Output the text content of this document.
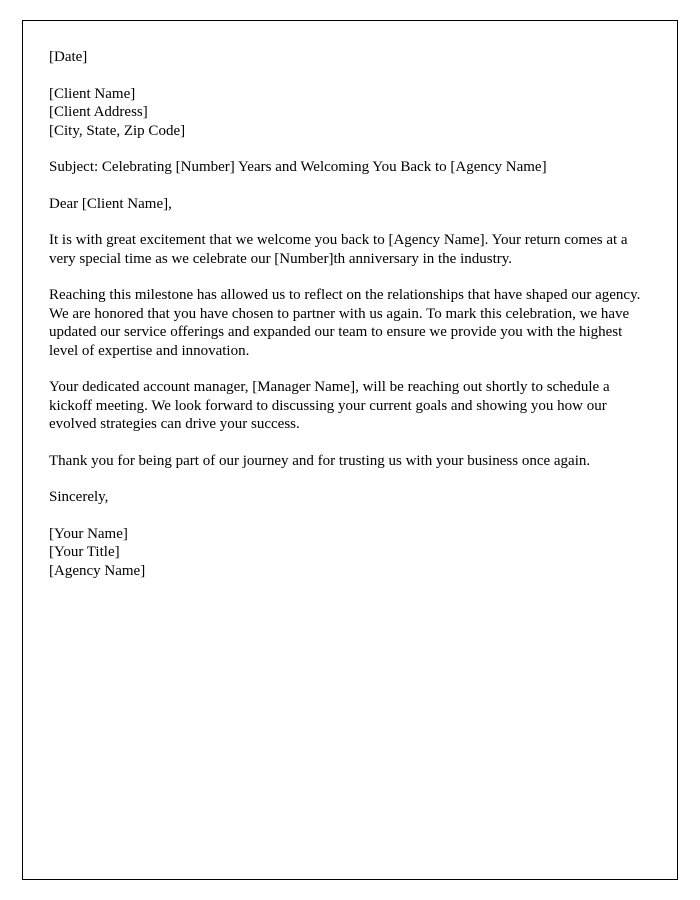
[Date]

[Client Name]

[Client Address]

[City, State, Zip Code]

Subject: Celebrating [Number] Years and Welcoming You Back to [Agency Name]

Dear [Client Name],

It is with great excitement that we welcome you back to [Agency Name]. Your return comes at a very special time as we celebrate our [Number]th anniversary in the industry.

Reaching this milestone has allowed us to reflect on the relationships that have shaped our agency. We are honored that you have chosen to partner with us again. To mark this celebration, we have updated our service offerings and expanded our team to ensure we provide you with the highest level of expertise and innovation.

Your dedicated account manager, [Manager Name], will be reaching out shortly to schedule a kickoff meeting. We look forward to discussing your current goals and showing you how our evolved strategies can drive your success.

Thank you for being part of our journey and for trusting us with your business once again.

Sincerely,

[Your Name]

[Your Title]

[Agency Name]
